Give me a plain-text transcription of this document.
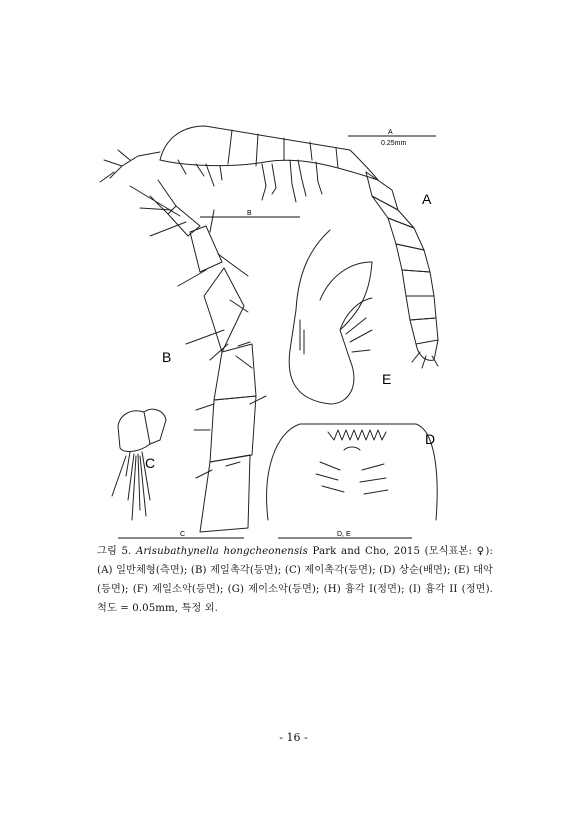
A
0.25mm
B
C	D, E
A
B
C
D
E
그림 5. Arisubathynella hongcheonensis Park and Cho, 2015 (모식표본: ♀): (A) 일반체형(측면); (B) 제일촉각(등면); (C) 제이촉각(등면); (D) 상순(배면); (E) 대악(등면); (F) 제일소악(등면); (G) 제이소악(등면); (H) 흉각 I(정면); (I) 흉각 II (정면). 척도 = 0.05mm, 특정 외.
- 16 -
